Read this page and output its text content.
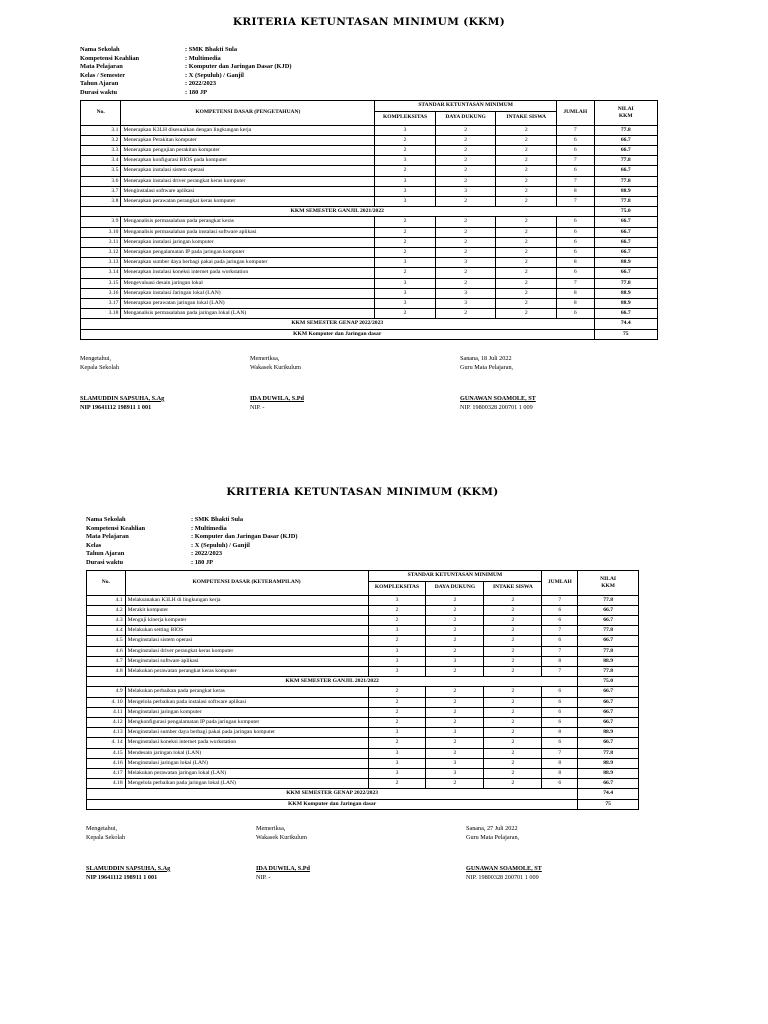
KRITERIA KETUNTASAN MINIMUM (KKM)
Nama Sekolah	: SMK Bhakti Sula
Kompetensi Keahlian	: Multimedia
Mata Pelajaran	: Komputer dan Jaringan Dasar (KJD)
Kelas / Semester	: X (Sepuluh) / Ganjil
Tahun Ajaran	: 2022/2023
Durasi waktu	: 180 JP
No.	KOMPETENSI DASAR (PENGETAHUAN)	STANDAR KETUNTASAN MINIMUM			JUMLAH	NILAI
KKM

		KOMPLEKSITAS	DAYA DUKUNG	INTAKE SISWA		
3.1	Menerapkan K3LH disesuaikan dengan lingkungan kerja	3	2	2	7	77.8
3.2	Menerapkan Perakitan komputer	2	2	2	6	66.7
3.3	Menerapkan pengujian perakitan komputer	2	2	2	6	66.7
3.4	Menerapkan konfigurasi BIOS pada komputer	3	2	2	7	77.8
3.5	Menerapkan instalasi sistem operasi	2	2	2	6	66.7
3.6	Menerapkan instalasi driver perangkat keras komputer	3	2	2	7	77.8
3.7	Menginstalasi software aplikasi	3	3	2	8	88.9
3.8	Menerapkan perawatan perangkat keras komputer	3	2	2	7	77.8
KKM SEMESTER GANJIL 2021/2022						75.0
3.9	Menganalisis permasalahan pada perangkat keras	2	2	2	6	66.7
3.10	Menganalisis permasalahan pada instalasi software aplikasi	2	2	2	6	66.7
3.11	Menerapkan instalasi jaringan komputer	2	2	2	6	66.7
3.12	Menerapkan pengalamatan IP pada jaringan komputer	2	2	2	6	66.7
3.13	Menerapkan sumber daya berbagi pakai pada jaringan komputer	3	3	2	8	88.9
3.14	Menerapkan instalasi koneksi internet pada workstation	2	2	2	6	66.7
3.15	Mengevaluasi desain jaringan lokal	3	2	2	7	77.8
3.16	Menerapkan instalasi Jaringan lokal (LAN)	3	3	2	8	88.9
3.17	Menerapkan perawatan jaringan lokal (LAN)	3	3	2	8	88.9
3.18	Menganalisis permasalahan pada jaringan lokal (LAN)	2	2	2	6	66.7
KKM SEMESTER GENAP 2022/2023						74.4
KKM Komputer dan Jaringan dasar						75
Mengetahui,
Kepala Sekolah
SLAMUDDIN SAPSUHA, S.Ag
NIP 19641112 198911 1 001
Memeriksa,
Wakasek Kurikulum
IDA DUWILA, S.Pd
NIP. -
Sanana, 18 Juli 2022
Guru Mata Pelajaran,
GUNAWAN SOAMOLE, ST
NIP. 19800328 200701 1 009
KRITERIA KETUNTASAN MINIMUM (KKM)
Nama Sekolah	: SMK Bhakti Sula
Kompetensi Keahlian	: Multimedia
Mata Pelajaran	: Komputer dan Jaringan Dasar (KJD)
Kelas	: X (Sepuluh) / Ganjil
Tahun Ajaran	: 2022/2023
Durasi waktu	: 180 JP
No.	KOMPETENSI DASAR (KETERAMPILAN)	STANDAR KETUNTASAN MINIMUM			JUMLAH	NILAI
KKM

		KOMPLEKSITAS	DAYA DUKUNG	INTAKE SISWA		
4.1	Melaksanakan K3LH di lingkungan kerja	3	2	2	7	77.8
4.2	Merakit komputer	2	2	2	6	66.7
4.3	Menguji kinerja komputer	2	2	2	6	66.7
4.4	Melakukan setting BIOS	3	2	2	7	77.8
4.5	Menginstalasi sistem operasi	2	2	2	6	66.7
4.6	Menginstalasi driver perangkat keras komputer	3	2	2	7	77.8
4.7	Menginstalasi software aplikasi	3	3	2	8	88.9
4.8	Melakukan perawatan perangkat keras komputer	3	2	2	7	77.8
KKM SEMESTER GANJIL 2021/2022						75.0
4.9	Melakukan perbaikan pada perangkat keras	2	2	2	6	66.7
4. 10	Mengelola perbaikan pada instalasi software aplikasi	2	2	2	6	66.7
4.11	Menginstalasi jaringan komputer	2	2	2	6	66.7
4.12	Mengkonfigurasi pengalamatan IP pada jaringan komputer	2	2	2	6	66.7
4.13	Menginstalasi sumber daya berbagi pakai pada jaringan komputer	3	3	2	8	88.9
4. 14	Menginstalasi koneksi internet pada workstation	2	2	2	6	66.7
4.15	Mendesain jaringan lokal (LAN)	3	2	2	7	77.8
4.16	Menginstalasi jaringan lokal (LAN)	3	3	2	8	88.9
4.17	Melakukan perawatan jaringan lokal (LAN)	3	3	2	8	88.9
4.18	Mengelola perbaikan pada jaringan lokal (LAN)	2	2	2	6	66.7
KKM SEMESTER GENAP 2022/2023						74.4
KKM Komputer dan Jaringan dasar						75
Mengetahui,
Kepala Sekolah
SLAMUDDIN SAPSUHA, S.Ag
NIP 19641112 198911 1 001
Memeriksa,
Wakasek Kurikulum
IDA DUWILA, S.Pd
NIP. -
Sanana, 27 Juli 2022
Guru Mata Pelajaran,
GUNAWAN SOAMOLE, ST
NIP. 19800328 200701 1 009
